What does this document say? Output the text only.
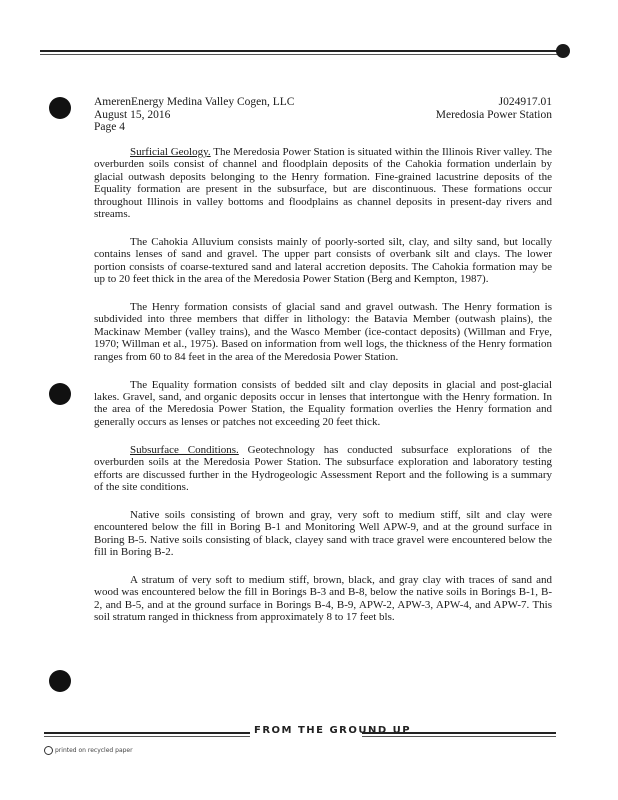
AmerenEnergy Medina Valley Cogen, LLC	J024917.01
August 15, 2016	Meredosia Power Station
Page 4

Surficial Geology. The Meredosia Power Station is situated within the Illinois River valley. The overburden soils consist of channel and floodplain deposits of the Cahokia formation underlain by glacial outwash deposits belonging to the Henry formation. Fine-grained lacustrine deposits of the Equality formation are present in the subsurface, but are discontinuous. These formations occur throughout Illinois in valley bottoms and floodplains as channel deposits in present-day rivers and streams.

The Cahokia Alluvium consists mainly of poorly-sorted silt, clay, and silty sand, but locally contains lenses of sand and gravel. The upper part consists of overbank silt and clays. The lower portion consists of coarse-textured sand and lateral accretion deposits. The Cahokia formation may be up to 20 feet thick in the area of the Meredosia Power Station (Berg and Kempton, 1987).

The Henry formation consists of glacial sand and gravel outwash. The Henry formation is subdivided into three members that differ in lithology: the Batavia Member (outwash plains), the Mackinaw Member (valley trains), and the Wasco Member (ice-contact deposits) (Willman and Frye, 1970; Willman et al., 1975). Based on information from well logs, the thickness of the Henry formation ranges from 60 to 84 feet in the area of the Meredosia Power Station.

The Equality formation consists of bedded silt and clay deposits in glacial and post-glacial lakes. Gravel, sand, and organic deposits occur in lenses that intertongue with the Henry formation. In the area of the Meredosia Power Station, the Equality formation overlies the Henry formation and generally occurs as lenses or patches not exceeding 20 feet thick.

Subsurface Conditions. Geotechnology has conducted subsurface explorations of the overburden soils at the Meredosia Power Station. The subsurface exploration and laboratory testing efforts are discussed further in the Hydrogeologic Assessment Report and the following is a summary of the site conditions.

Native soils consisting of brown and gray, very soft to medium stiff, silt and clay were encountered below the fill in Boring B-1 and Monitoring Well APW-9, and at the ground surface in Boring B-5. Native soils consisting of black, clayey sand with trace gravel were encountered below the fill in Boring B-2.

A stratum of very soft to medium stiff, brown, black, and gray clay with traces of sand and wood was encountered below the fill in Borings B-3 and B-8, below the native soils in Borings B-1, B-2, and B-5, and at the ground surface in Borings B-4, B-9, APW-2, APW-3, APW-4, and APW-7. This soil stratum ranged in thickness from approximately 8 to 17 feet bls.

FROM THE GROUND UP
printed on recycled paper
